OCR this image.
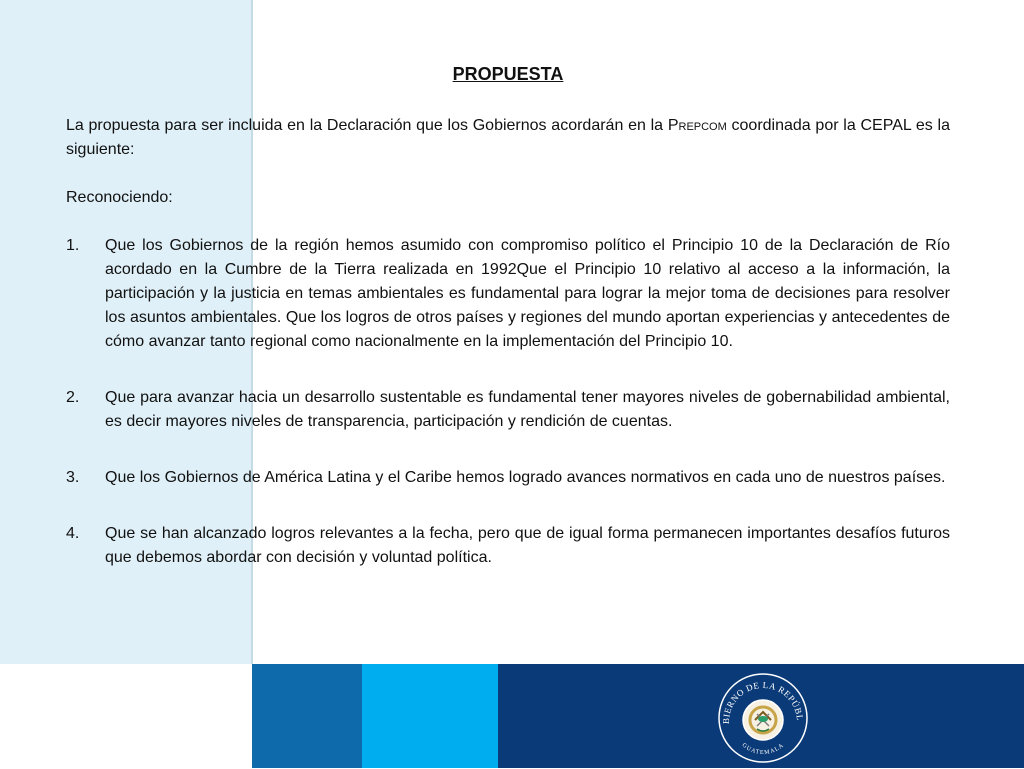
PROPUESTA

La propuesta para ser incluida en la Declaración que los Gobiernos acordarán en la Prepcom coordinada por la CEPAL es la siguiente:

Reconociendo:

1. Que los Gobiernos de la región hemos asumido con compromiso político el Principio 10 de la Declaración de Río acordado en la Cumbre de la Tierra realizada en 1992Que el Principio 10 relativo al acceso a la información, la participación y la justicia en temas ambientales es fundamental para lograr la mejor toma de decisiones para resolver los asuntos ambientales. Que los logros de otros países y regiones del mundo aportan experiencias y antecedentes de cómo avanzar tanto regional como nacionalmente en la implementación del Principio 10.
2. Que para avanzar hacia un desarrollo sustentable es fundamental tener mayores niveles de gobernabilidad ambiental, es decir mayores niveles de transparencia, participación y rendición de cuentas.
3. Que los Gobiernos de América Latina y el Caribe hemos logrado avances normativos en cada uno de nuestros países.
4. Que se han alcanzado logros relevantes a la fecha, pero que de igual forma permanecen importantes desafíos futuros que debemos abordar con decisión y voluntad política.
BIERNO DE LA REPÚBL
GUATEMALA
